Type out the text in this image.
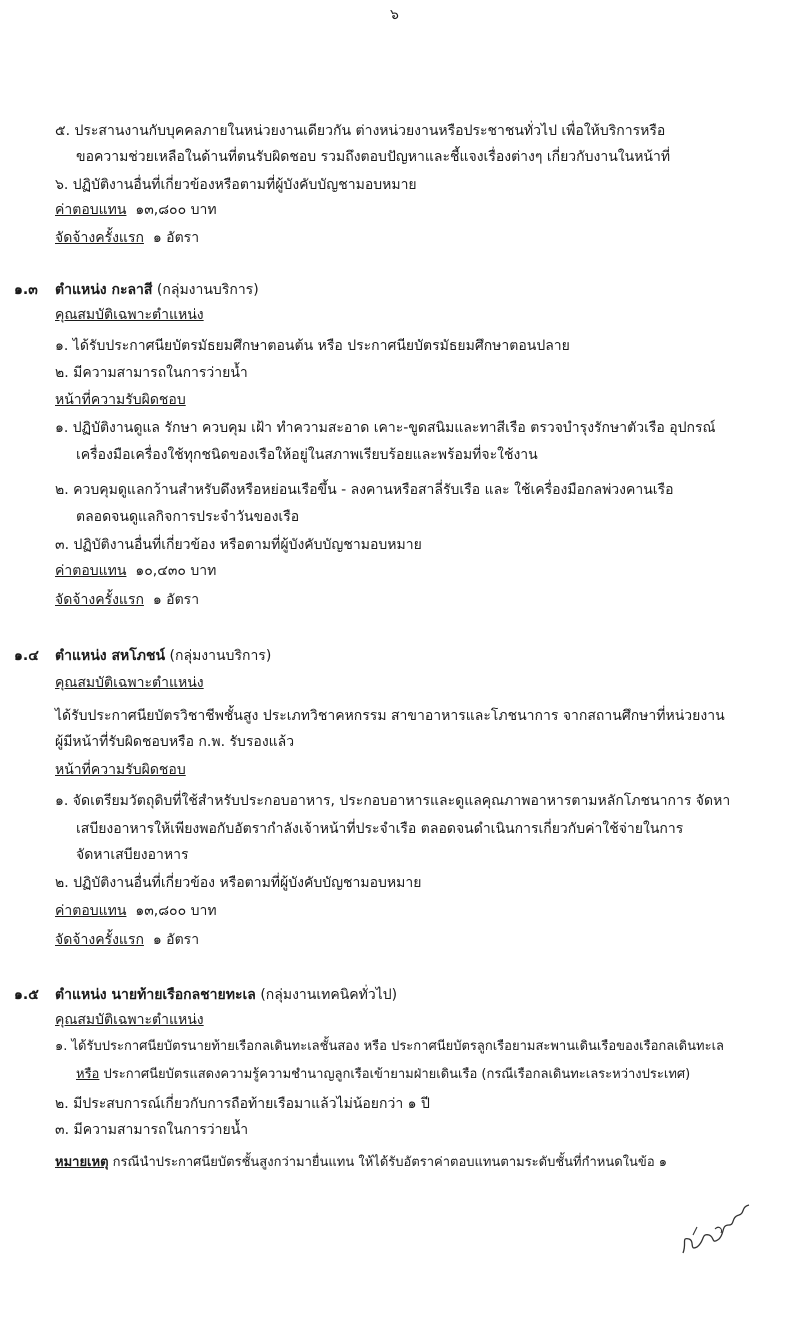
๖
๕. ประสานงานกับบุคคลภายในหน่วยงานเดียวกัน ต่างหน่วยงานหรือประชาชนทั่วไป เพื่อให้บริการหรือ
ขอความช่วยเหลือในด้านที่ตนรับผิดชอบ รวมถึงตอบปัญหาและชี้แจงเรื่องต่างๆ เกี่ยวกับงานในหน้าที่
๖. ปฏิบัติงานอื่นที่เกี่ยวข้องหรือตามที่ผู้บังคับบัญชามอบหมาย
ค่าตอบแทน ๑๓,๘๐๐ บาท
จัดจ้างครั้งแรก ๑ อัตรา
๑.๓ ตำแหน่ง กะลาสี (กลุ่มงานบริการ)
คุณสมบัติเฉพาะตำแหน่ง
๑. ได้รับประกาศนียบัตรมัธยมศึกษาตอนต้น หรือ ประกาศนียบัตรมัธยมศึกษาตอนปลาย
๒. มีความสามารถในการว่ายน้ำ
หน้าที่ความรับผิดชอบ
๑. ปฏิบัติงานดูแล รักษา ควบคุม เฝ้า ทำความสะอาด เคาะ-ขูดสนิมและทาสีเรือ ตรวจบำรุงรักษาตัวเรือ อุปกรณ์
เครื่องมือเครื่องใช้ทุกชนิดของเรือให้อยู่ในสภาพเรียบร้อยและพร้อมที่จะใช้งาน
๒. ควบคุมดูแลกว้านสำหรับดึงหรือหย่อนเรือขึ้น - ลงคานหรือสาลี่รับเรือ และ ใช้เครื่องมือกลพ่วงคานเรือ
ตลอดจนดูแลกิจการประจำวันของเรือ
๓. ปฏิบัติงานอื่นที่เกี่ยวข้อง หรือตามที่ผู้บังคับบัญชามอบหมาย
ค่าตอบแทน ๑๐,๔๓๐ บาท
จัดจ้างครั้งแรก ๑ อัตรา
๑.๔ ตำแหน่ง สหโภชน์ (กลุ่มงานบริการ)
คุณสมบัติเฉพาะตำแหน่ง
ได้รับประกาศนียบัตรวิชาชีพชั้นสูง ประเภทวิชาคหกรรม สาขาอาหารและโภชนาการ จากสถานศึกษาที่หน่วยงาน
ผู้มีหน้าที่รับผิดชอบหรือ ก.พ. รับรองแล้ว
หน้าที่ความรับผิดชอบ
๑. จัดเตรียมวัตถุดิบที่ใช้สำหรับประกอบอาหาร, ประกอบอาหารและดูแลคุณภาพอาหารตามหลักโภชนาการ จัดหา
เสบียงอาหารให้เพียงพอกับอัตรากำลังเจ้าหน้าที่ประจำเรือ ตลอดจนดำเนินการเกี่ยวกับค่าใช้จ่ายในการ
จัดหาเสบียงอาหาร
๒. ปฏิบัติงานอื่นที่เกี่ยวข้อง หรือตามที่ผู้บังคับบัญชามอบหมาย
ค่าตอบแทน ๑๓,๘๐๐ บาท
จัดจ้างครั้งแรก ๑ อัตรา
๑.๕ ตำแหน่ง นายท้ายเรือกลชายทะเล (กลุ่มงานเทคนิคทั่วไป)
คุณสมบัติเฉพาะตำแหน่ง
๑. ได้รับประกาศนียบัตรนายท้ายเรือกลเดินทะเลชั้นสอง หรือ ประกาศนียบัตรลูกเรือยามสะพานเดินเรือของเรือกลเดินทะเล
หรือ ประกาศนียบัตรแสดงความรู้ความชำนาญลูกเรือเข้ายามฝ่ายเดินเรือ (กรณีเรือกลเดินทะเลระหว่างประเทศ)
๒. มีประสบการณ์เกี่ยวกับการถือท้ายเรือมาแล้วไม่น้อยกว่า ๑ ปี
๓. มีความสามารถในการว่ายน้ำ
หมายเหตุ กรณีนำประกาศนียบัตรชั้นสูงกว่ามายื่นแทน ให้ได้รับอัตราค่าตอบแทนตามระดับชั้นที่กำหนดในข้อ ๑
